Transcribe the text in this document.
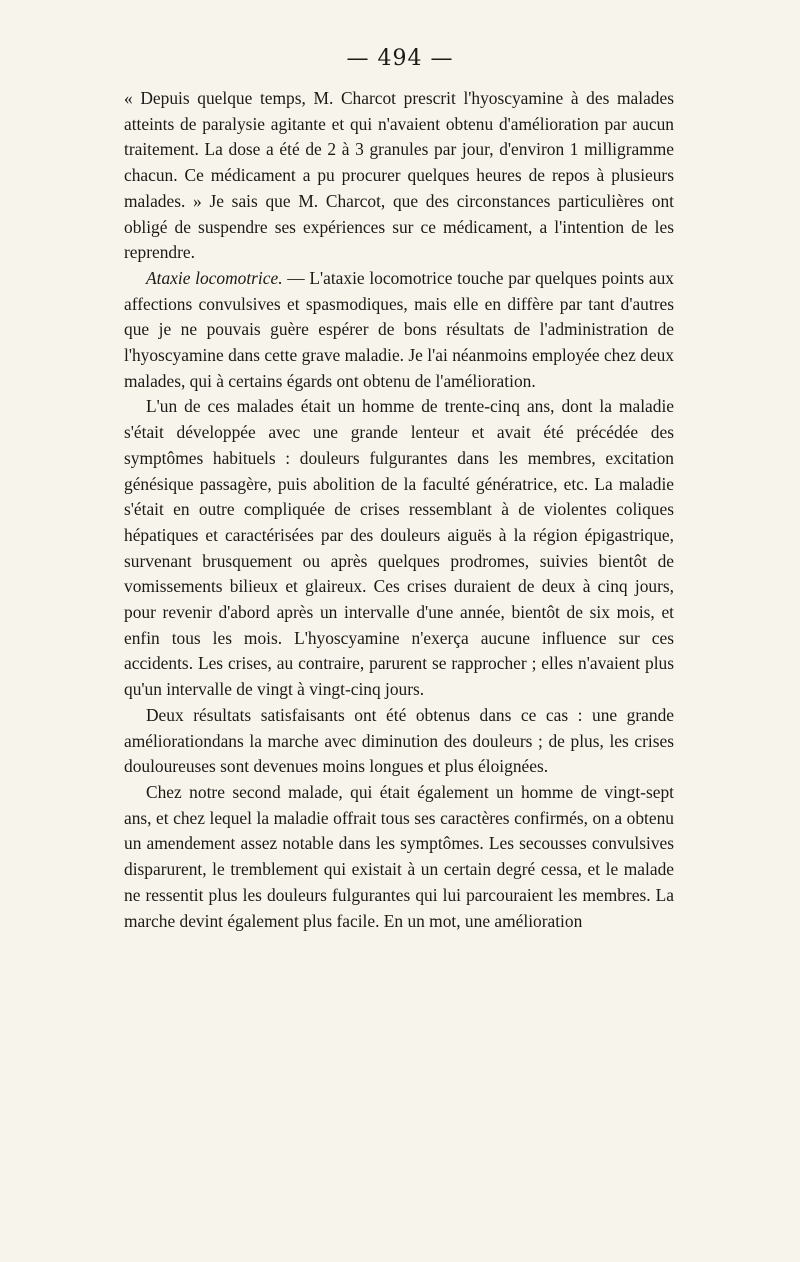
— 494 —

« Depuis quelque temps, M. Charcot prescrit l'hyoscyamine à des malades atteints de paralysie agitante et qui n'avaient obtenu d'amélioration par aucun traitement. La dose a été de 2 à 3 granules par jour, d'environ 1 milligramme chacun. Ce médicament a pu procurer quelques heures de repos à plusieurs malades. » Je sais que M. Charcot, que des circonstances particulières ont obligé de suspendre ses expériences sur ce médicament, a l'intention de les reprendre.

Ataxie locomotrice. — L'ataxie locomotrice touche par quelques points aux affections convulsives et spasmodiques, mais elle en diffère par tant d'autres que je ne pouvais guère espérer de bons résultats de l'administration de l'hyoscyamine dans cette grave maladie. Je l'ai néanmoins employée chez deux malades, qui à certains égards ont obtenu de l'amélioration.

L'un de ces malades était un homme de trente-cinq ans, dont la maladie s'était développée avec une grande lenteur et avait été précédée des symptômes habituels : douleurs fulgurantes dans les membres, excitation génésique passagère, puis abolition de la faculté génératrice, etc. La maladie s'était en outre compliquée de crises ressemblant à de violentes coliques hépatiques et caractérisées par des douleurs aiguës à la région épigastrique, survenant brusquement ou après quelques prodromes, suivies bientôt de vomissements bilieux et glaireux. Ces crises duraient de deux à cinq jours, pour revenir d'abord après un intervalle d'une année, bientôt de six mois, et enfin tous les mois. L'hyoscyamine n'exerça aucune influence sur ces accidents. Les crises, au contraire, parurent se rapprocher ; elles n'avaient plus qu'un intervalle de vingt à vingt-cinq jours.

Deux résultats satisfaisants ont été obtenus dans ce cas : une grande améliorationdans la marche avec diminution des douleurs ; de plus, les crises douloureuses sont devenues moins longues et plus éloignées.

Chez notre second malade, qui était également un homme de vingt-sept ans, et chez lequel la maladie offrait tous ses caractères confirmés, on a obtenu un amendement assez notable dans les symptômes. Les secousses convulsives disparurent, le tremblement qui existait à un certain degré cessa, et le malade ne ressentit plus les douleurs fulgurantes qui lui parcouraient les membres. La marche devint également plus facile. En un mot, une amélioration
